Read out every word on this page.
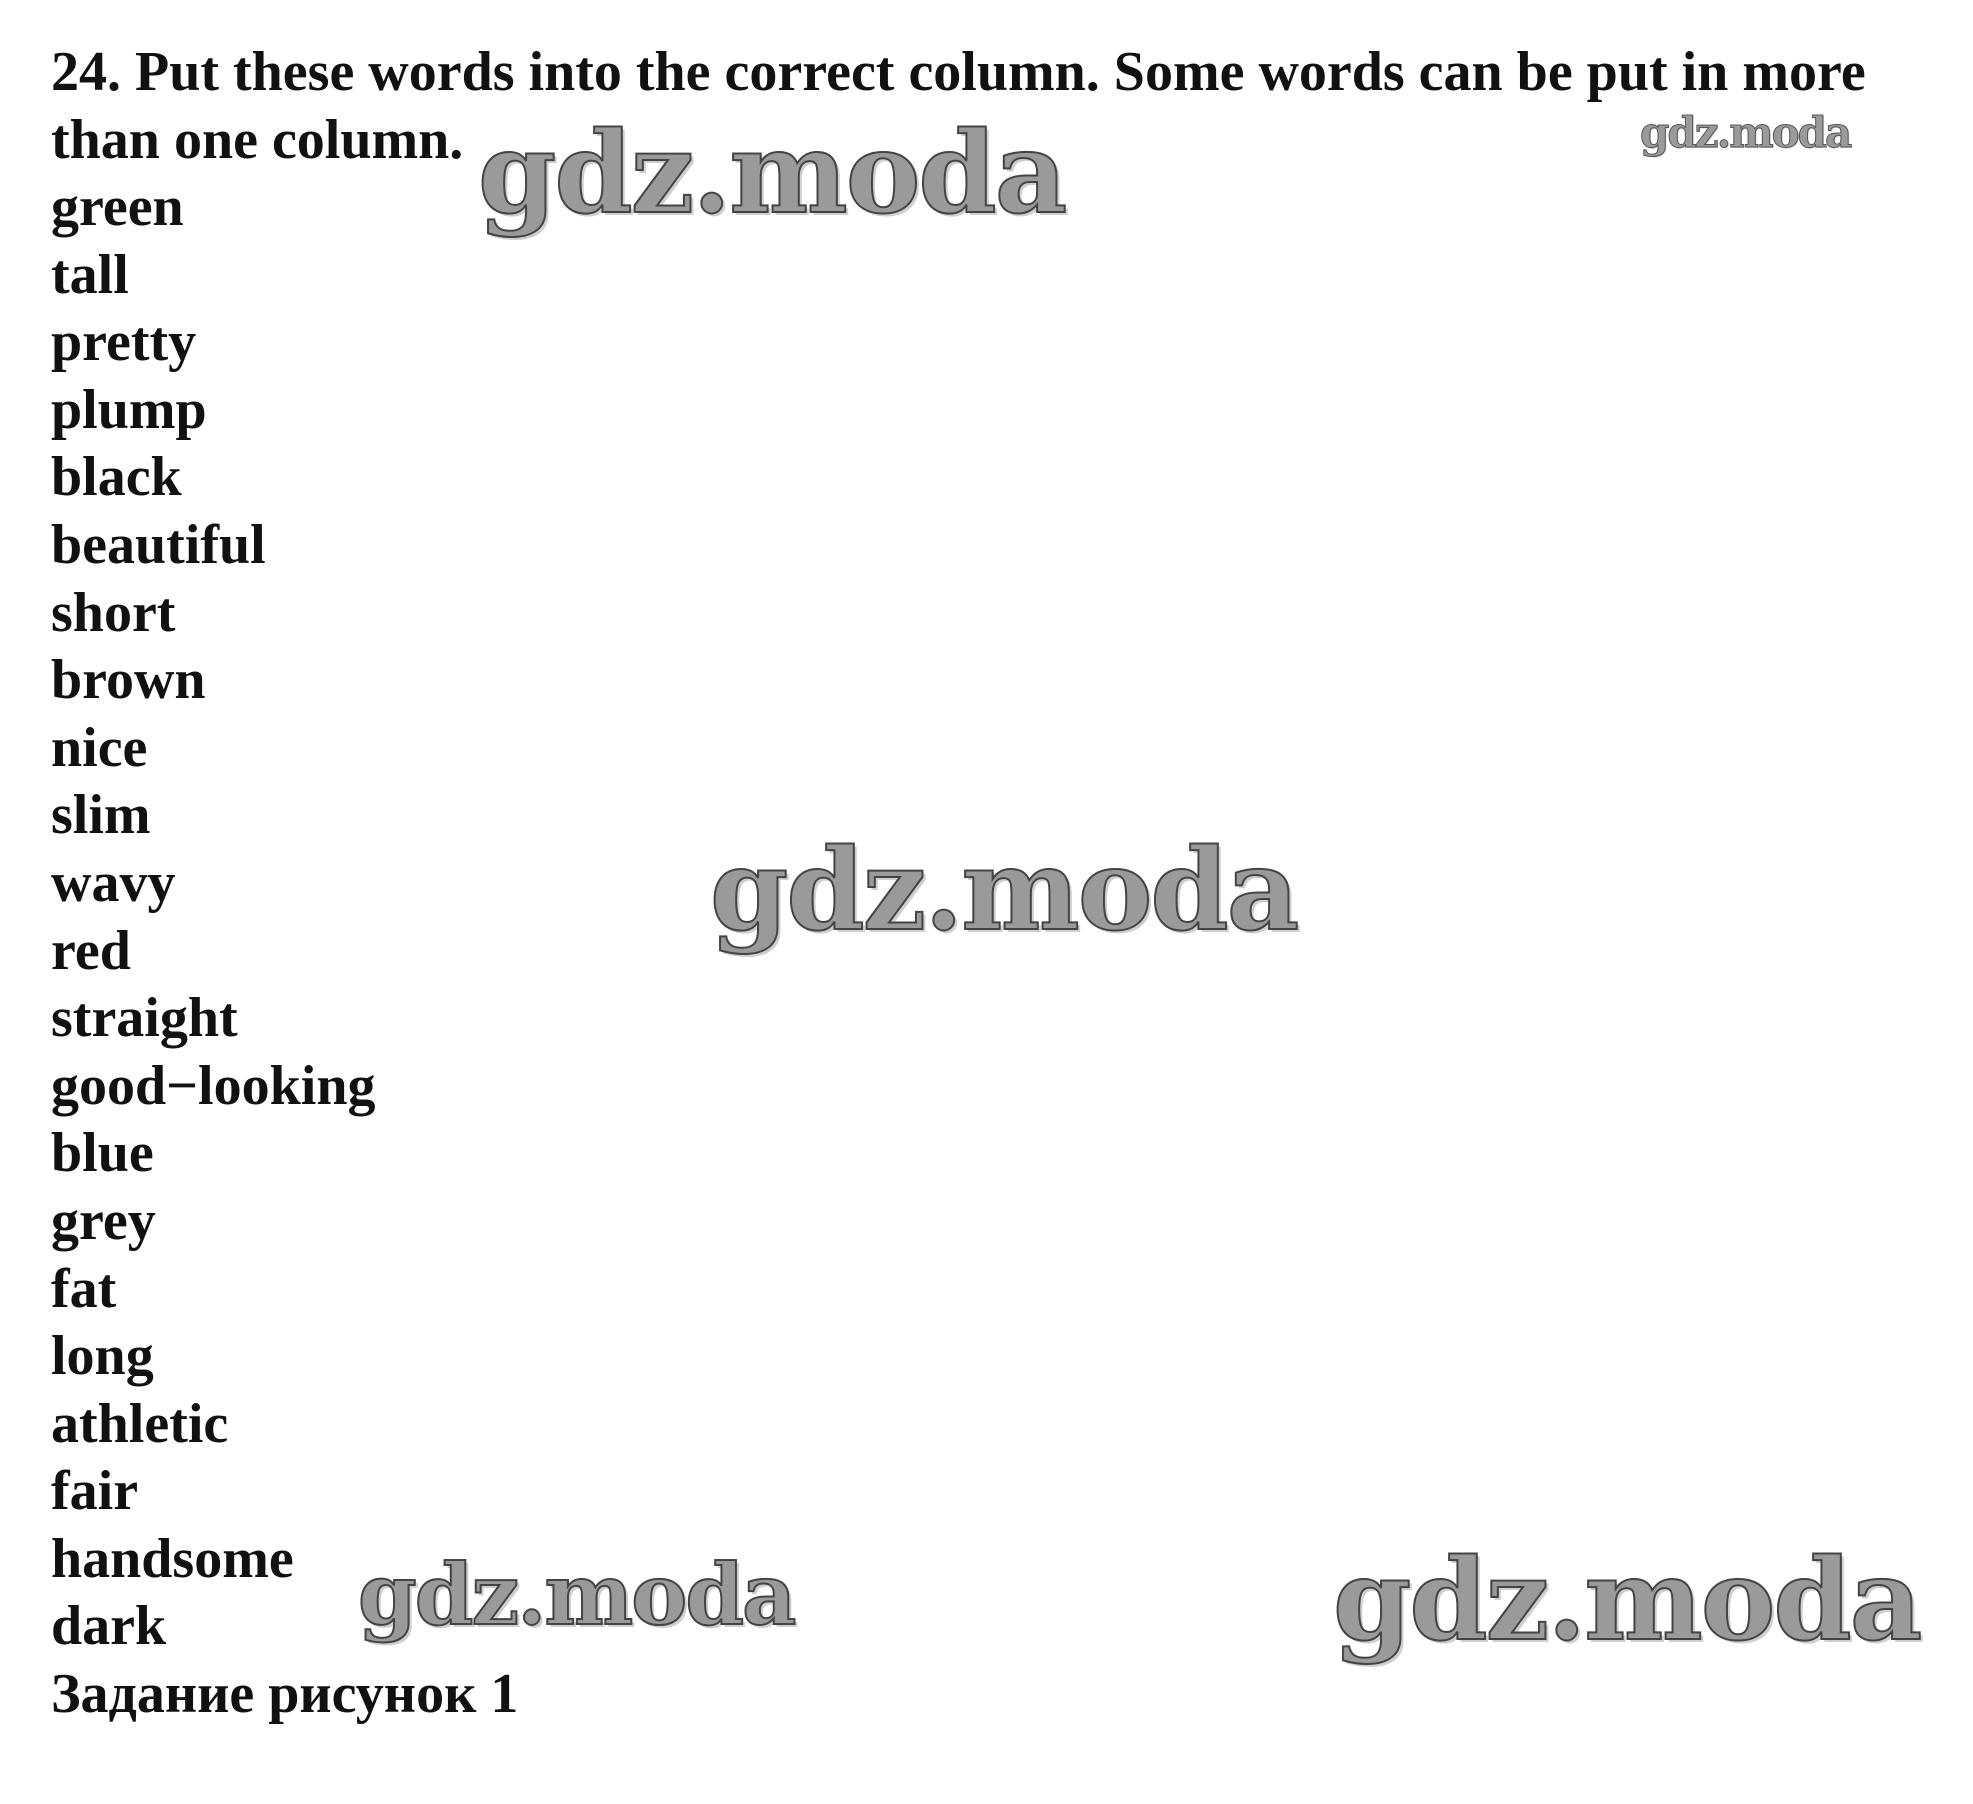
24. Put these words into the correct column. Some words can be put in more than one column.

green
tall
pretty
plump
black
beautiful
short
brown
nice
slim
wavy
red
straight
good−looking
blue
grey
fat
long
athletic
fair
handsome
dark

Задание рисунок 1

gdz.moda	gdz.moda
gdz.moda
gdz.moda	gdz.moda
